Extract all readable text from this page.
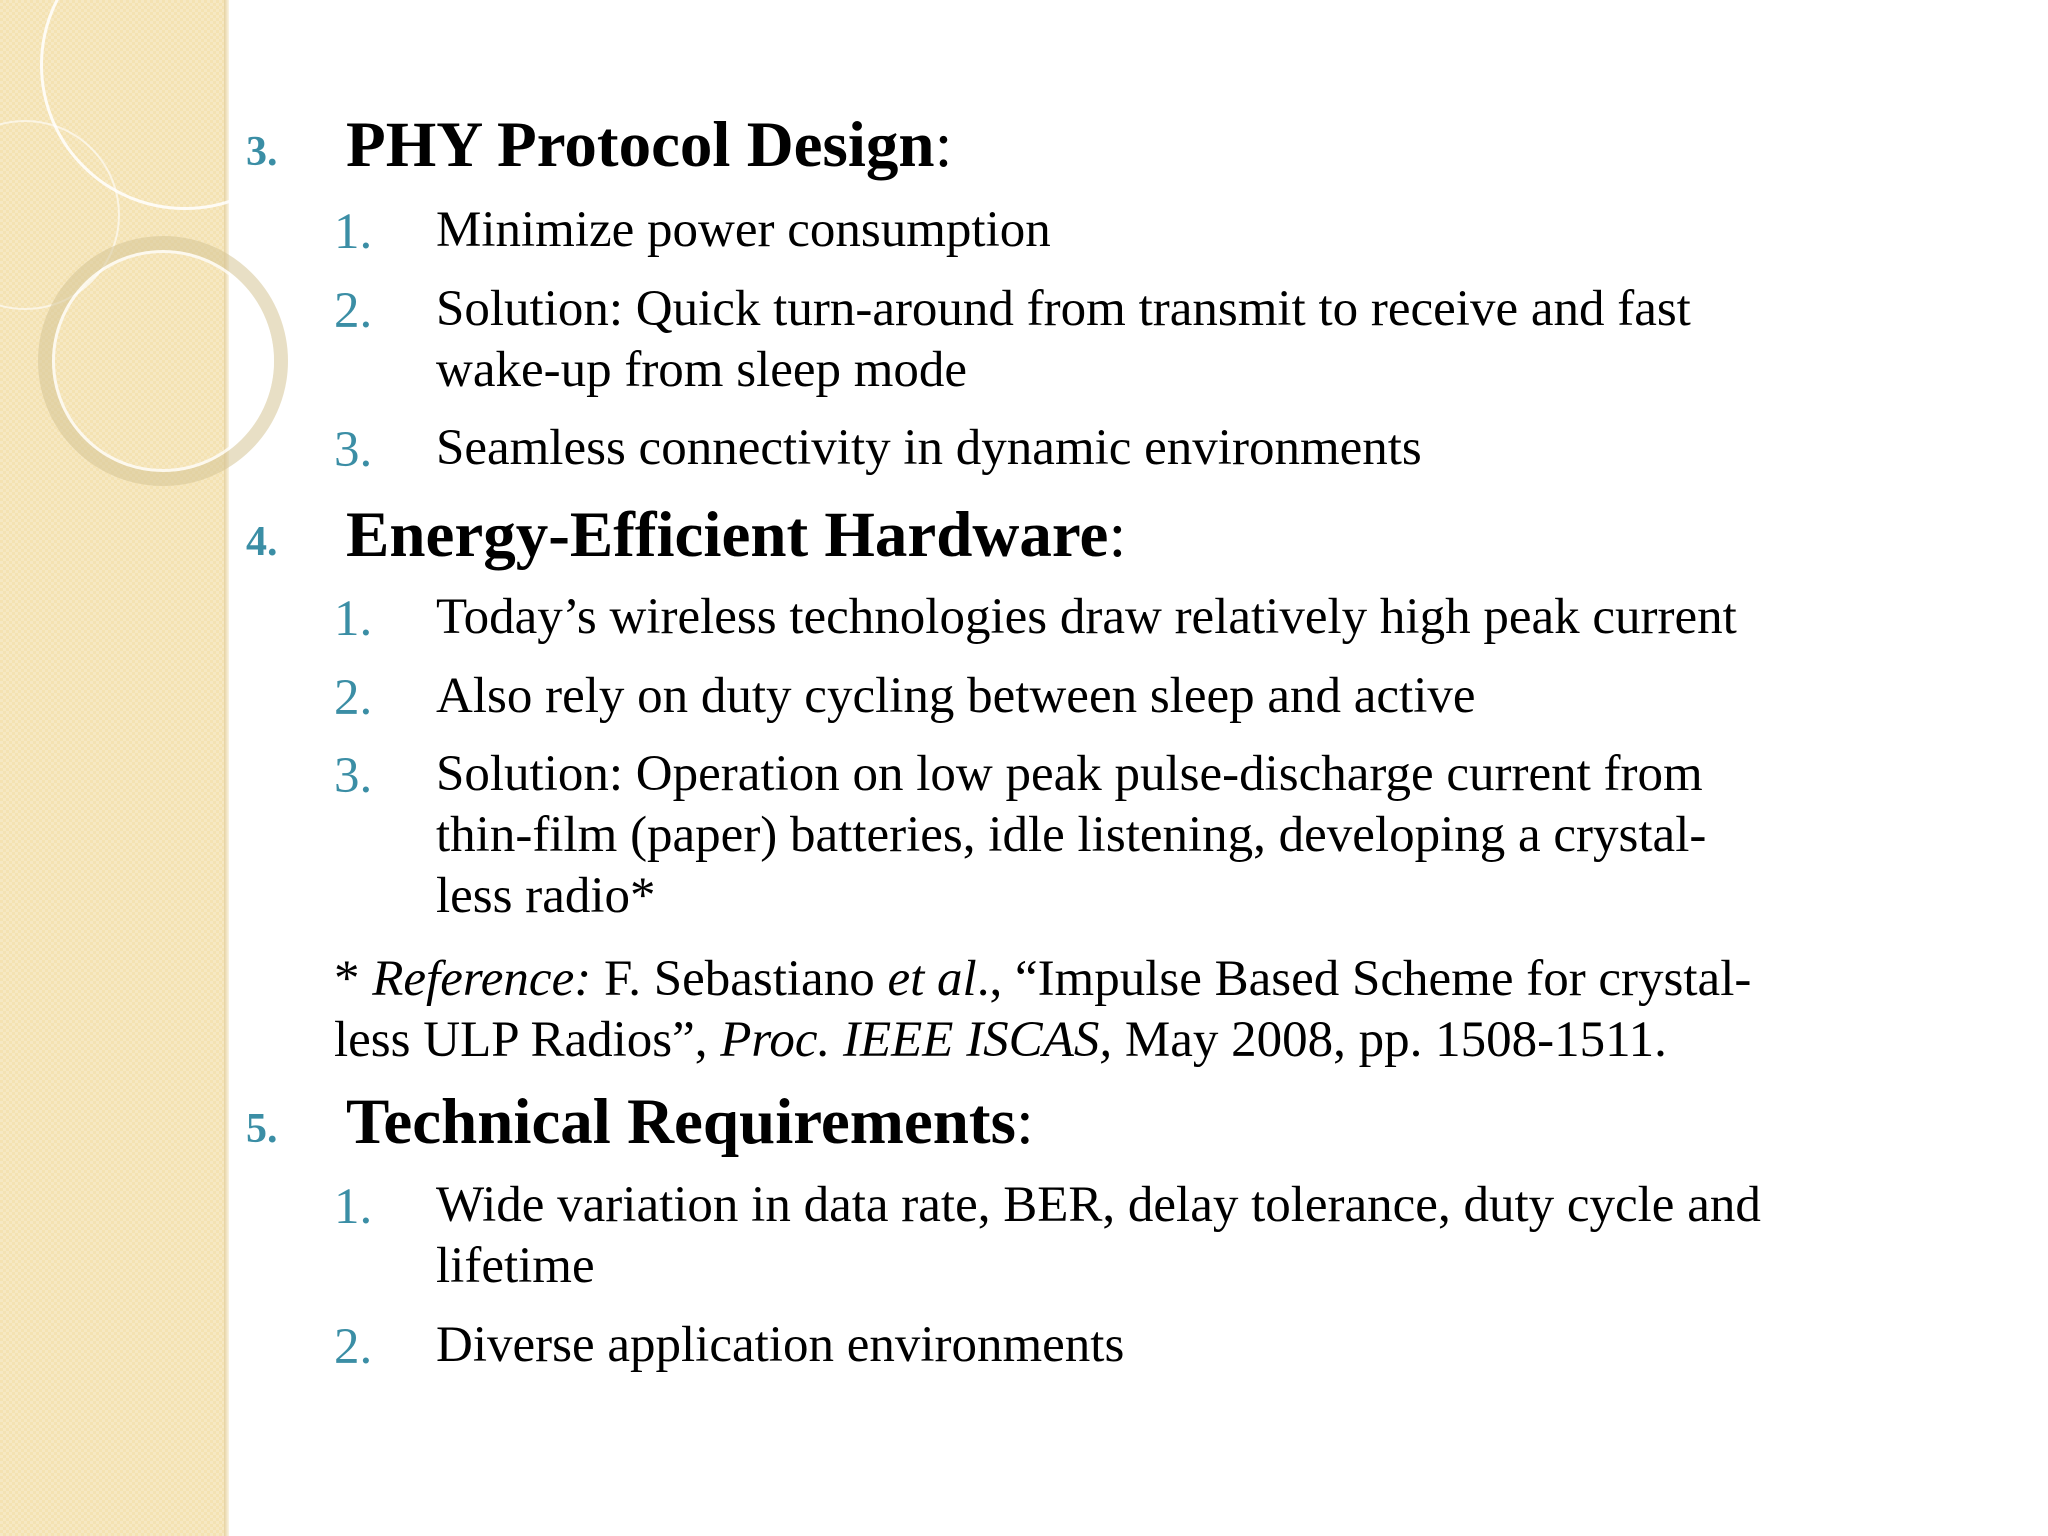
3. PHY Protocol Design:
1. Minimize power consumption
2. Solution: Quick turn-around from transmit to receive and fast
wake-up from sleep mode
3. Seamless connectivity in dynamic environments
4. Energy-Efficient Hardware:
1. Today’s wireless technologies draw relatively high peak current
2. Also rely on duty cycling between sleep and active
3. Solution: Operation on low peak pulse-discharge current from
thin-film (paper) batteries, idle listening, developing a crystal-
less radio*
* Reference: F. Sebastiano et al., “Impulse Based Scheme for crystal-
less ULP Radios”, Proc. IEEE ISCAS, May 2008, pp. 1508-1511.
5. Technical Requirements:
1. Wide variation in data rate, BER, delay tolerance, duty cycle and
lifetime
2. Diverse application environments
